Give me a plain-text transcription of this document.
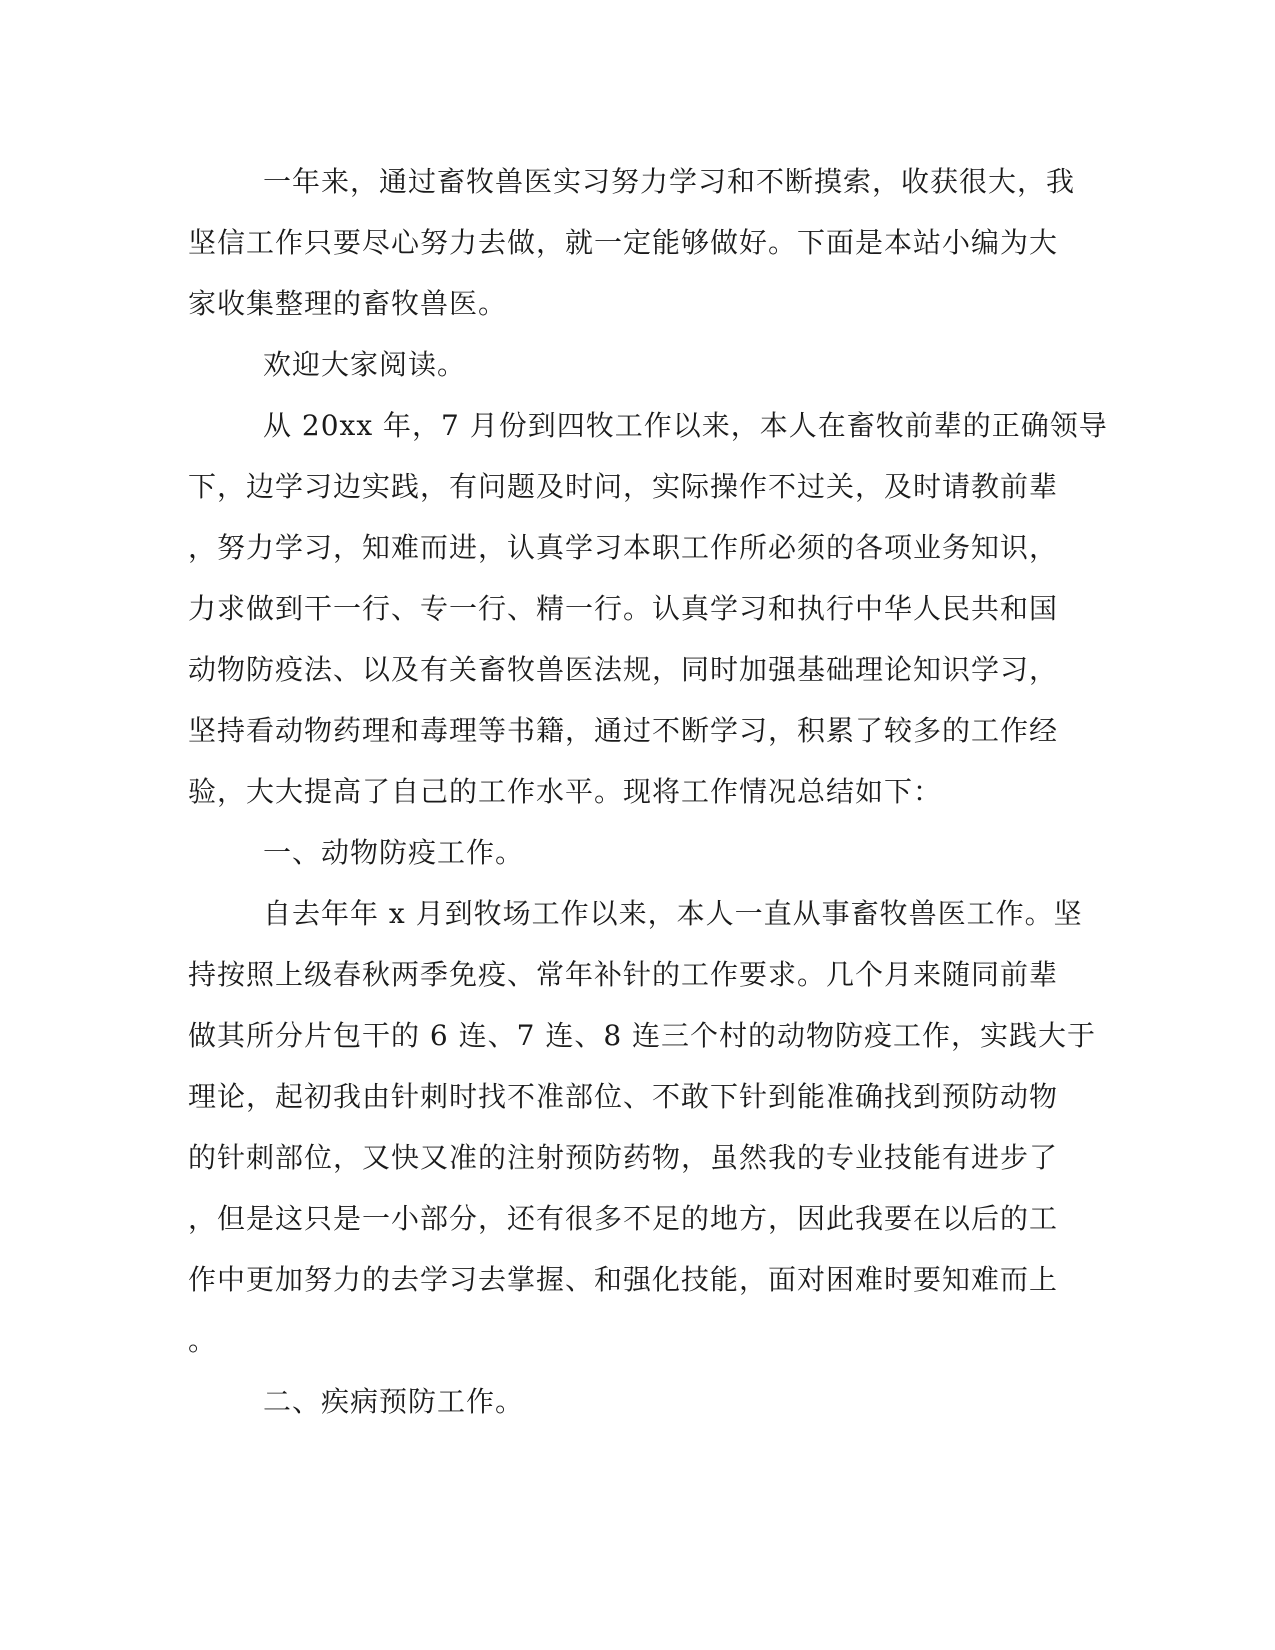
一年来，通过畜牧兽医实习努力学习和不断摸索，收获很大，我
坚信工作只要尽心努力去做，就一定能够做好。下面是本站小编为大
家收集整理的畜牧兽医。
欢迎大家阅读。
从 20xx 年，7 月份到四牧工作以来，本人在畜牧前辈的正确领导
下，边学习边实践，有问题及时问，实际操作不过关，及时请教前辈
，努力学习，知难而进，认真学习本职工作所必须的各项业务知识，
力求做到干一行、专一行、精一行。认真学习和执行中华人民共和国
动物防疫法、以及有关畜牧兽医法规，同时加强基础理论知识学习，
坚持看动物药理和毒理等书籍，通过不断学习，积累了较多的工作经
验，大大提高了自己的工作水平。现将工作情况总结如下：
一、动物防疫工作。
自去年年 x 月到牧场工作以来，本人一直从事畜牧兽医工作。坚
持按照上级春秋两季免疫、常年补针的工作要求。几个月来随同前辈
做其所分片包干的 6 连、7 连、8 连三个村的动物防疫工作，实践大于
理论，起初我由针刺时找不准部位、不敢下针到能准确找到预防动物
的针刺部位，又快又准的注射预防药物，虽然我的专业技能有进步了
，但是这只是一小部分，还有很多不足的地方，因此我要在以后的工
作中更加努力的去学习去掌握、和强化技能，面对困难时要知难而上
。
二、疾病预防工作。
